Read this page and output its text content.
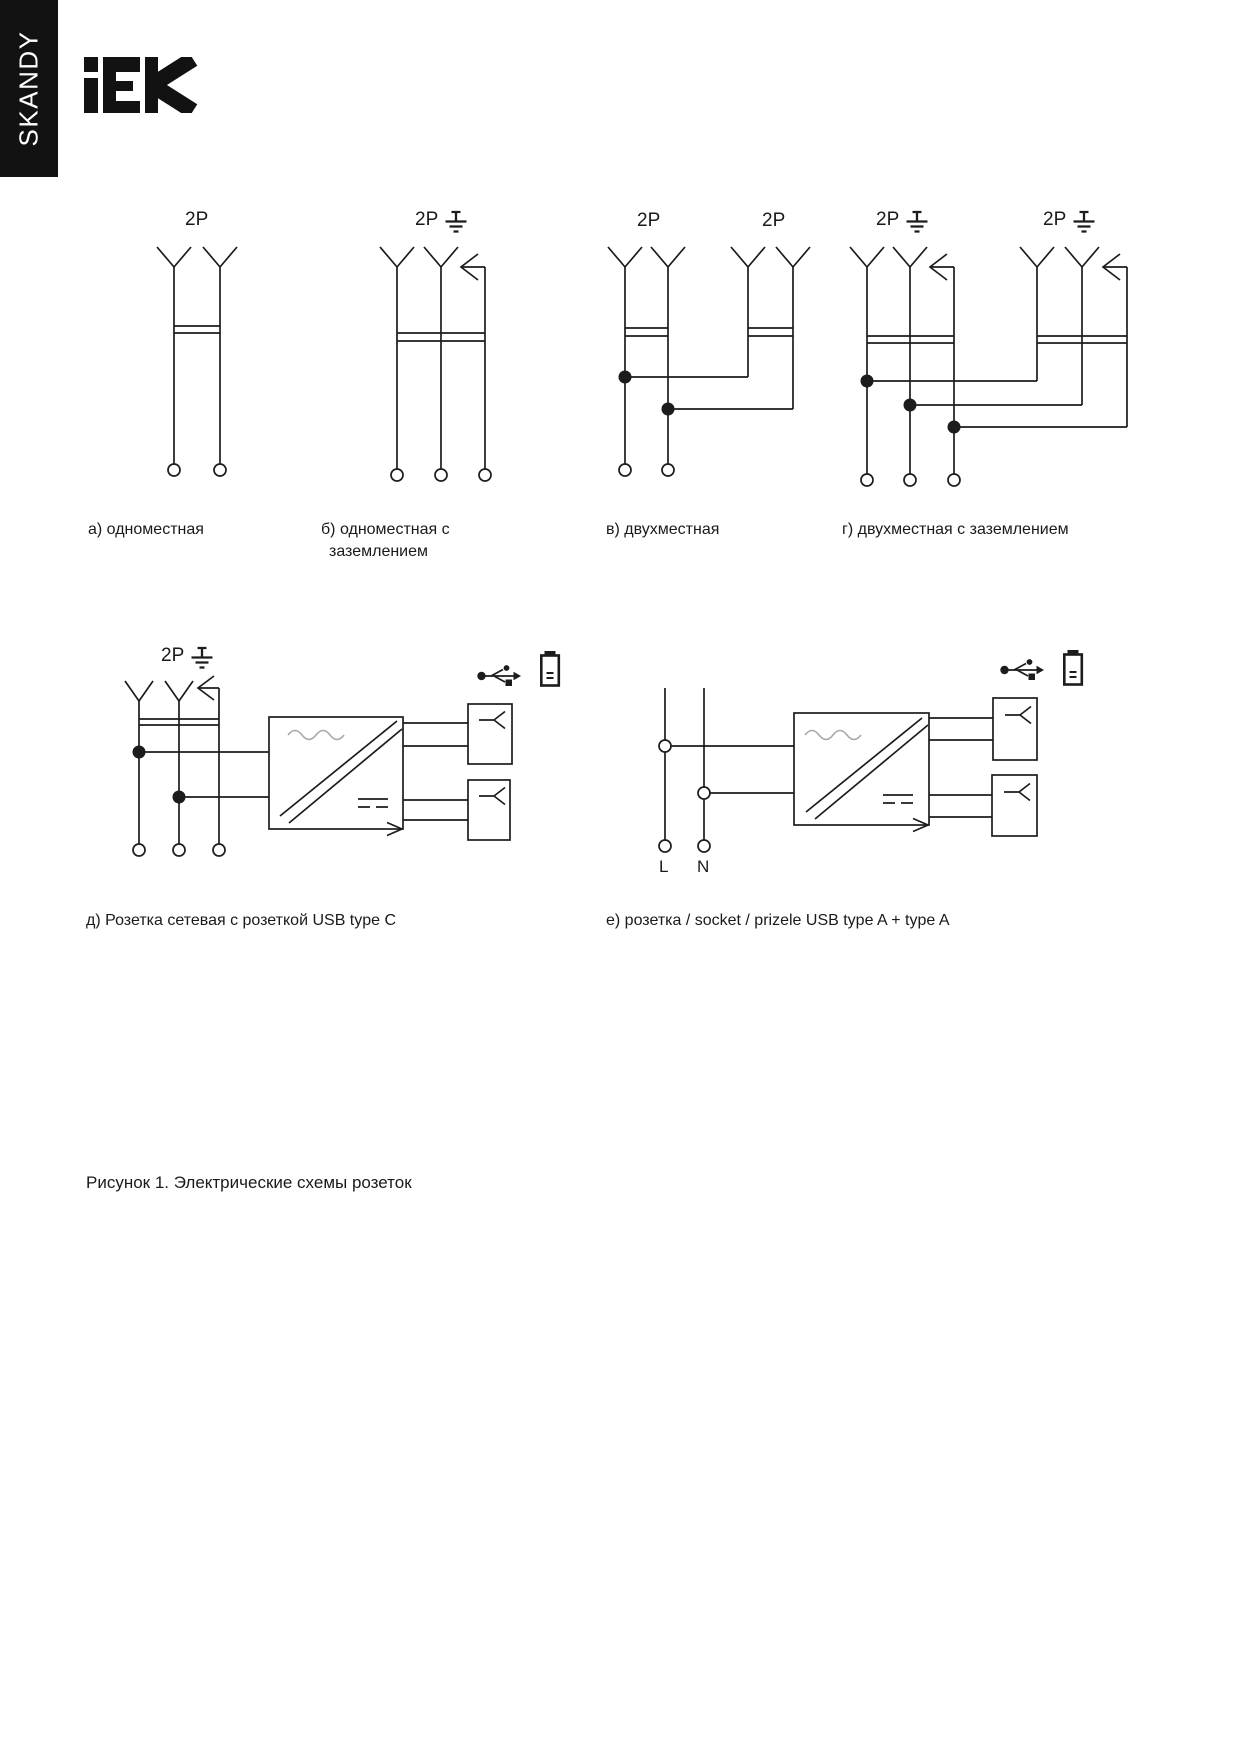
SKANDY
2P	2P	2P	2P	2P	2P
2P
а) одноместная	б) одноместная с
заземлением
в) двухместная	г) двухместная с заземлением
д) Розетка сетевая с розеткой USB type C	е) розетка / socket / prizele USB type A + type A
L N
Рисунок 1. Электрические схемы розеток
